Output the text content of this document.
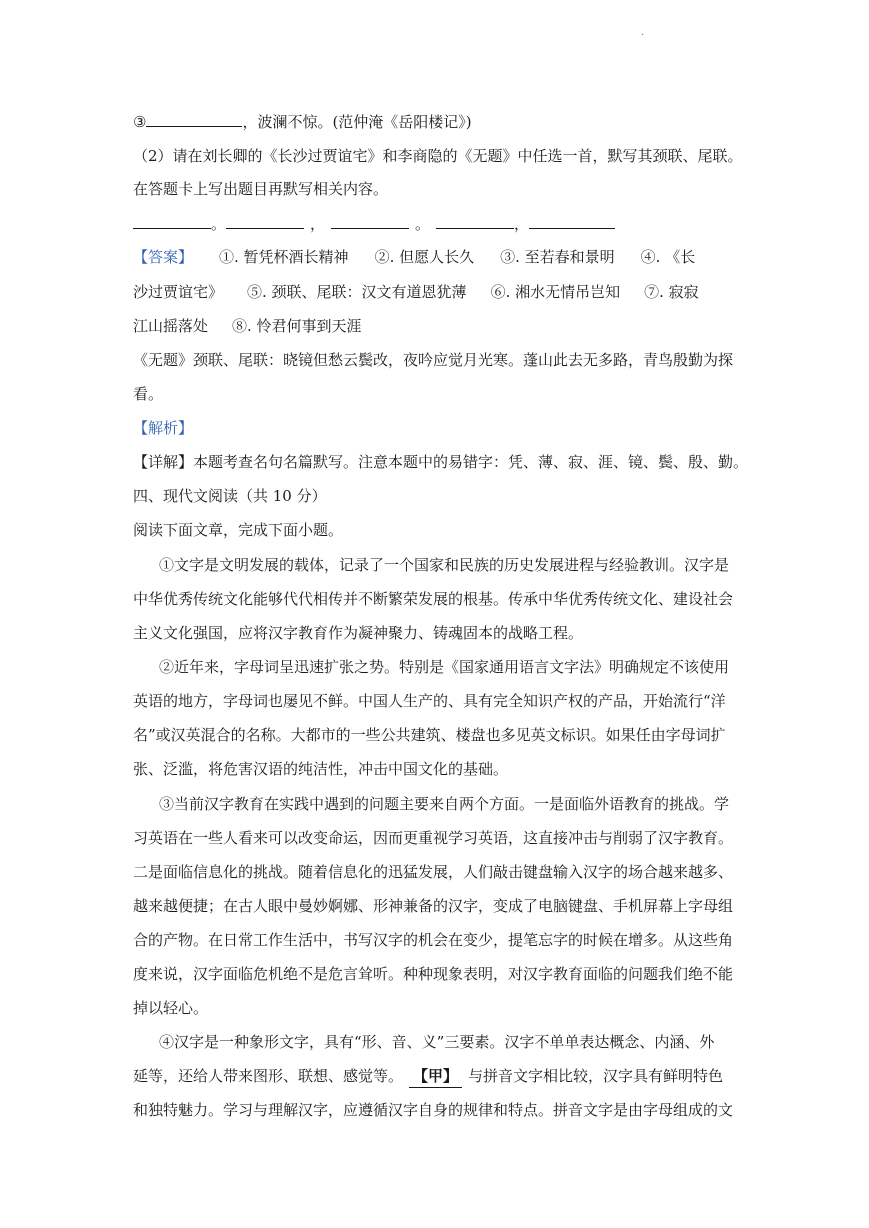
·
③	，波澜不惊。(范仲淹《岳阳楼记》)
（2）请在刘长卿的《长沙过贾谊宅》和李商隐的《无题》中任选一首，默写其颈联、尾联。
在答题卡上写出题目再默写相关内容。
。	，	。	，
【答案】 ①. 暂凭杯酒长精神 ②. 但愿人长久 ③. 至若春和景明 ④. 《长
沙过贾谊宅》 ⑤. 颈联、尾联：汉文有道恩犹薄 ⑥. 湘水无情吊岂知 ⑦. 寂寂
江山摇落处 ⑧. 怜君何事到天涯
《无题》颈联、尾联：晓镜但愁云鬓改，夜吟应觉月光寒。蓬山此去无多路，青鸟殷勤为探
看。
【解析】
【详解】本题考查名句名篇默写。注意本题中的易错字：凭、薄、寂、涯、镜、鬓、殷、勤。
四、现代文阅读（共 10 分）
阅读下面文章，完成下面小题。
①文字是文明发展的载体，记录了一个国家和民族的历史发展进程与经验教训。汉字是
中华优秀传统文化能够代代相传并不断繁荣发展的根基。传承中华优秀传统文化、建设社会
主义文化强国，应将汉字教育作为凝神聚力、铸魂固本的战略工程。
②近年来，字母词呈迅速扩张之势。特别是《国家通用语言文字法》明确规定不该使用
英语的地方，字母词也屡见不鲜。中国人生产的、具有完全知识产权的产品，开始流行“洋
名”或汉英混合的名称。大都市的一些公共建筑、楼盘也多见英文标识。如果任由字母词扩
张、泛滥，将危害汉语的纯洁性，冲击中国文化的基础。
③当前汉字教育在实践中遇到的问题主要来自两个方面。一是面临外语教育的挑战。学
习英语在一些人看来可以改变命运，因而更重视学习英语，这直接冲击与削弱了汉字教育。
二是面临信息化的挑战。随着信息化的迅猛发展，人们敲击键盘输入汉字的场合越来越多、
越来越便捷；在古人眼中曼妙婀娜、形神兼备的汉字，变成了电脑键盘、手机屏幕上字母组
合的产物。在日常工作生活中，书写汉字的机会在变少，提笔忘字的时候在增多。从这些角
度来说，汉字面临危机绝不是危言耸听。种种现象表明，对汉字教育面临的问题我们绝不能
掉以轻心。
④汉字是一种象形文字，具有“形、音、义”三要素。汉字不单单表达概念、内涵、外
延等，还给人带来图形、联想、感觉等。 【甲】 与拼音文字相比较，汉字具有鲜明特色
和独特魅力。学习与理解汉字，应遵循汉字自身的规律和特点。拼音文字是由字母组成的文
